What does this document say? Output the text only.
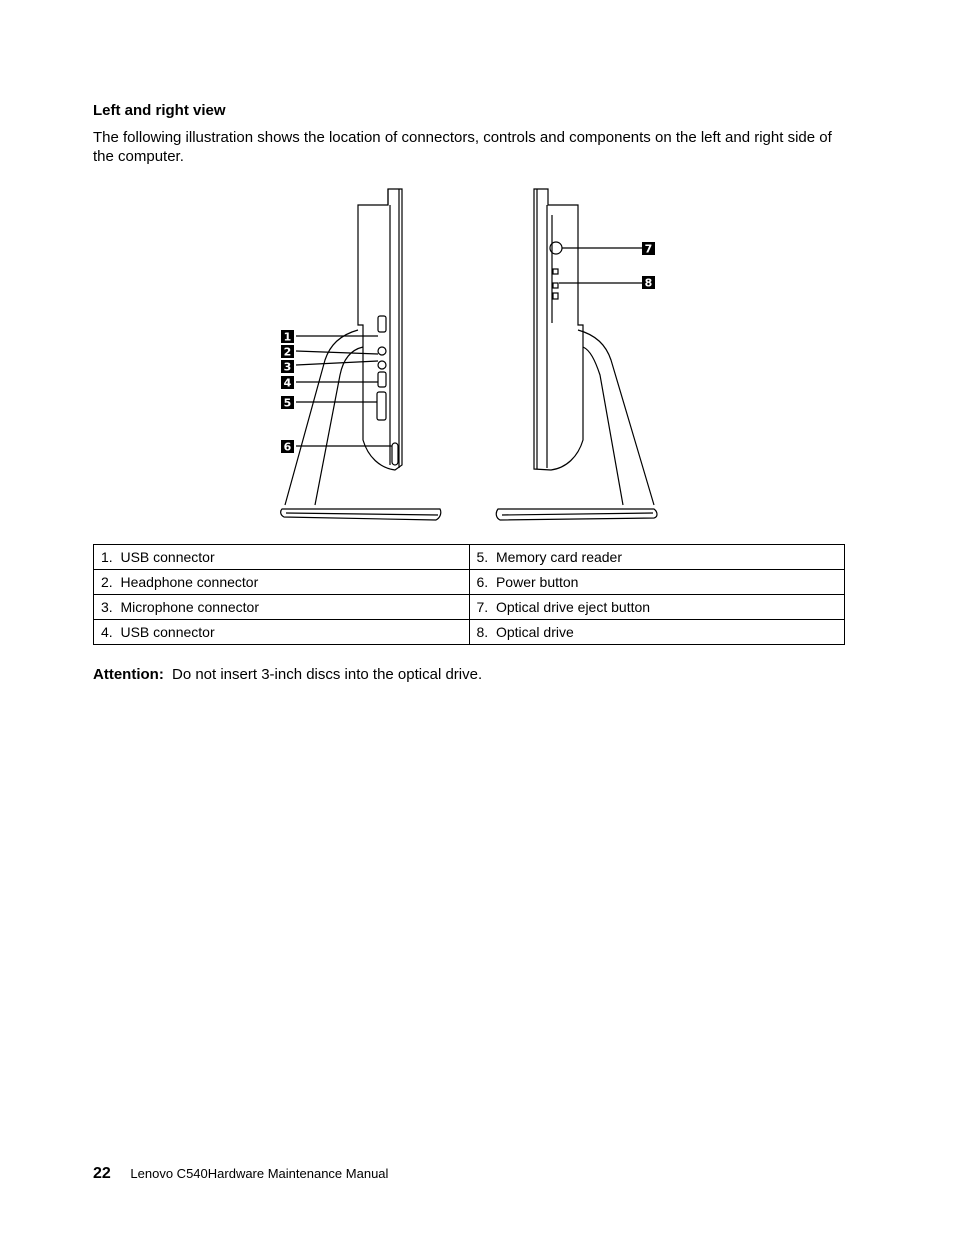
Left and right view

The following illustration shows the location of connectors, controls and components on the left and right side of the computer.

1
2
3
4
5
6
7
8
1. USB connector	5. Memory card reader
2. Headphone connector	6. Power button
3. Microphone connector	7. Optical drive eject button
4. USB connector	8. Optical drive

Attention: Do not insert 3-inch discs into the optical drive.

22 Lenovo C540Hardware Maintenance Manual
